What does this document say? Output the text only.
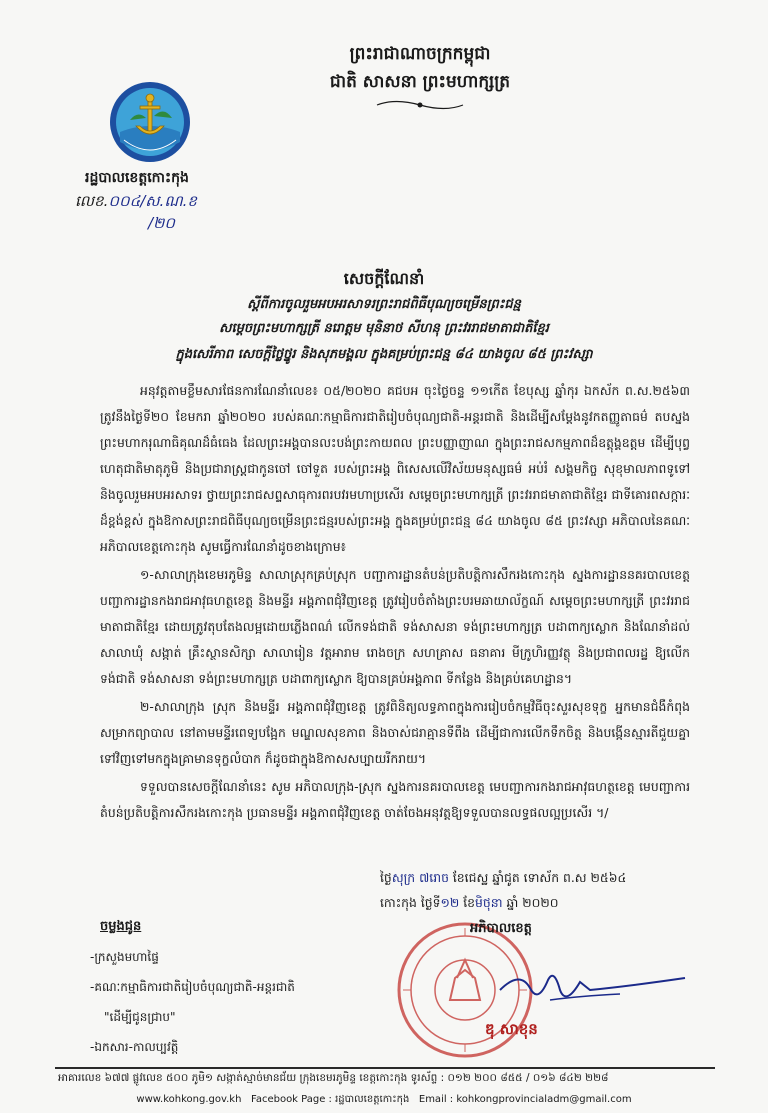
ព្រះរាជាណាចក្រកម្ពុជា
ជាតិ សាសនា ព្រះមហាក្សត្រ
រដ្ឋបាលខេត្តកោះកុង
លេខ.០០៤/ស.ណ.ខ
/២០
សេចក្តីណែនាំ
ស្តីពីការចូលរួមអបអរសាទរព្រះរាជពិធីបុណ្យចម្រើនព្រះជន្ម
សម្តេចព្រះមហាក្សត្រី នរោត្តម មុនិនាថ សីហនុ ព្រះវររាជមាតាជាតិខ្មែរ
ក្នុងសេរីភាព សេចក្តីថ្លៃថ្នូរ និងសុភមង្គល ក្នុងគម្រប់ព្រះជន្ម ៨៤ យាងចូល ៨៥ ព្រះវស្សា

អនុវត្តតាមខ្លឹមសារផែនការណែនាំលេខ៖ ០៥/២០២០ គជបអ ចុះថ្ងៃចន្ទ ១១កើត ខែបុស្ស ឆ្នាំកុរ ឯកស័ក ព.ស.២៥៦៣ ត្រូវនឹងថ្ងៃទី២០ ខែមករា ឆ្នាំ២០២០ របស់គណៈកម្មាធិការជាតិរៀបចំបុណ្យជាតិ-អន្តរជាតិ និងដើម្បីសម្តែងនូវកតញ្ញូតាធម៌ តបស្នងព្រះមហាករុណាធិគុណដ៏ធំធេង ដែលព្រះអង្គបានលះបង់ព្រះកាយពល ព្រះបញ្ញាញាណ ក្នុងព្រះរាជសកម្មភាពដ៏ឧត្តុង្គឧត្តម ដើម្បីបុព្វហេតុជាតិមាតុភូមិ និងប្រជារាស្ត្រជាកូនចៅ ចៅទួត របស់ព្រះអង្គ ពិសេសលើវិស័យមនុស្សធម៌ អប់រំ សង្គមកិច្ច សុខុមាលភាពទូទៅ និងចូលរួមអបអរសាទរ ថ្វាយព្រះរាជសព្ទសាធុការពរបវរមហាប្រសើរ សម្តេចព្រះមហាក្សត្រី ព្រះវររាជមាតាជាតិខ្មែរ ជាទីគោរពសក្ការៈដ៏ខ្ពង់ខ្ពស់ ក្នុងឱកាសព្រះរាជពិធីបុណ្យចម្រើនព្រះជន្មរបស់ព្រះអង្គ ក្នុងគម្រប់ព្រះជន្ម ៨៤ យាងចូល ៨៥ ព្រះវស្សា អភិបាលនៃគណៈអភិបាលខេត្តកោះកុង សូមធ្វើការណែនាំដូចខាងក្រោម៖

១-សាលាក្រុងខេមរភូមិន្ទ សាលាស្រុកគ្រប់ស្រុក បញ្ជាការដ្ឋានតំបន់ប្រតិបត្តិការសឹករងកោះកុង ស្នងការដ្ឋាននគរបាលខេត្ត បញ្ជាការដ្ឋានកងរាជអាវុធហត្ថខេត្ត និងមន្ទីរ អង្គភាពជុំវិញខេត្ត ត្រូវរៀបចំតាំងព្រះបរមឆាយាល័ក្ខណ៍ សម្តេចព្រះមហាក្សត្រី ព្រះវររាជមាតាជាតិខ្មែរ ដោយត្រូវតុបតែងលម្អដោយភ្លើងពណ៌ លើកទង់ជាតិ ទង់សាសនា ទង់ព្រះមហាក្សត្រ បដាពាក្យស្លោក និងណែនាំដល់សាលាឃុំ សង្កាត់ គ្រឹះស្ថានសិក្សា សាលារៀន វត្តអារាម រោងចក្រ សហគ្រាស ធនាគារ មីក្រូហិរញ្ញវត្ថុ និងប្រជាពលរដ្ឋ ឱ្យលើកទង់ជាតិ ទង់សាសនា ទង់ព្រះមហាក្សត្រ បដាពាក្យស្លោក ឱ្យបានគ្រប់អង្គភាព ទីកន្លែង និងគ្រប់គេហដ្ឋាន។

២-សាលាក្រុង ស្រុក និងមន្ទីរ អង្គភាពជុំវិញខេត្ត ត្រូវពិនិត្យលទ្ធភាពក្នុងការរៀបចំកម្មវិធីចុះសួរសុខទុក្ខ អ្នកមានជំងឺកំពុងសម្រាកព្យាបាល នៅតាមមន្ទីរពេទ្យបង្អែក មណ្ឌលសុខភាព និងចាស់ជរាគ្មានទីពឹង ដើម្បីជាការលើកទឹកចិត្ត និងបង្កើនស្មារតីជួយគ្នាទៅវិញទៅមកក្នុងគ្រាមានទុក្ខលំបាក ក៏ដូចជាក្នុងឱកាសសប្បាយរីករាយ។

ទទួលបានសេចក្តីណែនាំនេះ សូម អភិបាលក្រុង-ស្រុក ស្នងការនគរបាលខេត្ត មេបញ្ជាការកងរាជអាវុធហត្ថខេត្ត មេបញ្ជាការតំបន់ប្រតិបត្តិការសឹករងកោះកុង ប្រធានមន្ទីរ អង្គភាពជុំវិញខេត្ត ចាត់ចែងអនុវត្តឱ្យទទួលបានលទ្ធផលល្អប្រសើរ ។/

ថ្ងៃសុក្រ ៧រោច ខែជេស្ឋ ឆ្នាំជូត ទោស័ក ព.ស ២៥៦៤
កោះកុង ថ្ងៃទី១២ ខែមិថុនា ឆ្នាំ ២០២០
អភិបាលខេត្ត
ឌុ សាខុន
ចម្លងជូន
-ក្រសួងមហាផ្ទៃ
-គណៈកម្មាធិការជាតិរៀបចំបុណ្យជាតិ-អន្តរជាតិ
"ដើម្បីជូនជ្រាប"
-ឯកសារ-កាលប្បវត្តិ
អាគារលេខ ៦៧៧ ផ្លូវលេខ ៥០០ ភូមិ១ សង្កាត់ស្មាច់មានជ័យ ក្រុងខេមរភូមិន្ទ ខេត្តកោះកុង ទូរស័ព្ទ : ០១២ ២០០ ៨៥៥ / ០១៦ ៨៤២ ២២៨
www.kohkong.gov.kh Facebook Page : រដ្ឋបាលខេត្តកោះកុង Email : kohkongprovincialadm@gmail.com
